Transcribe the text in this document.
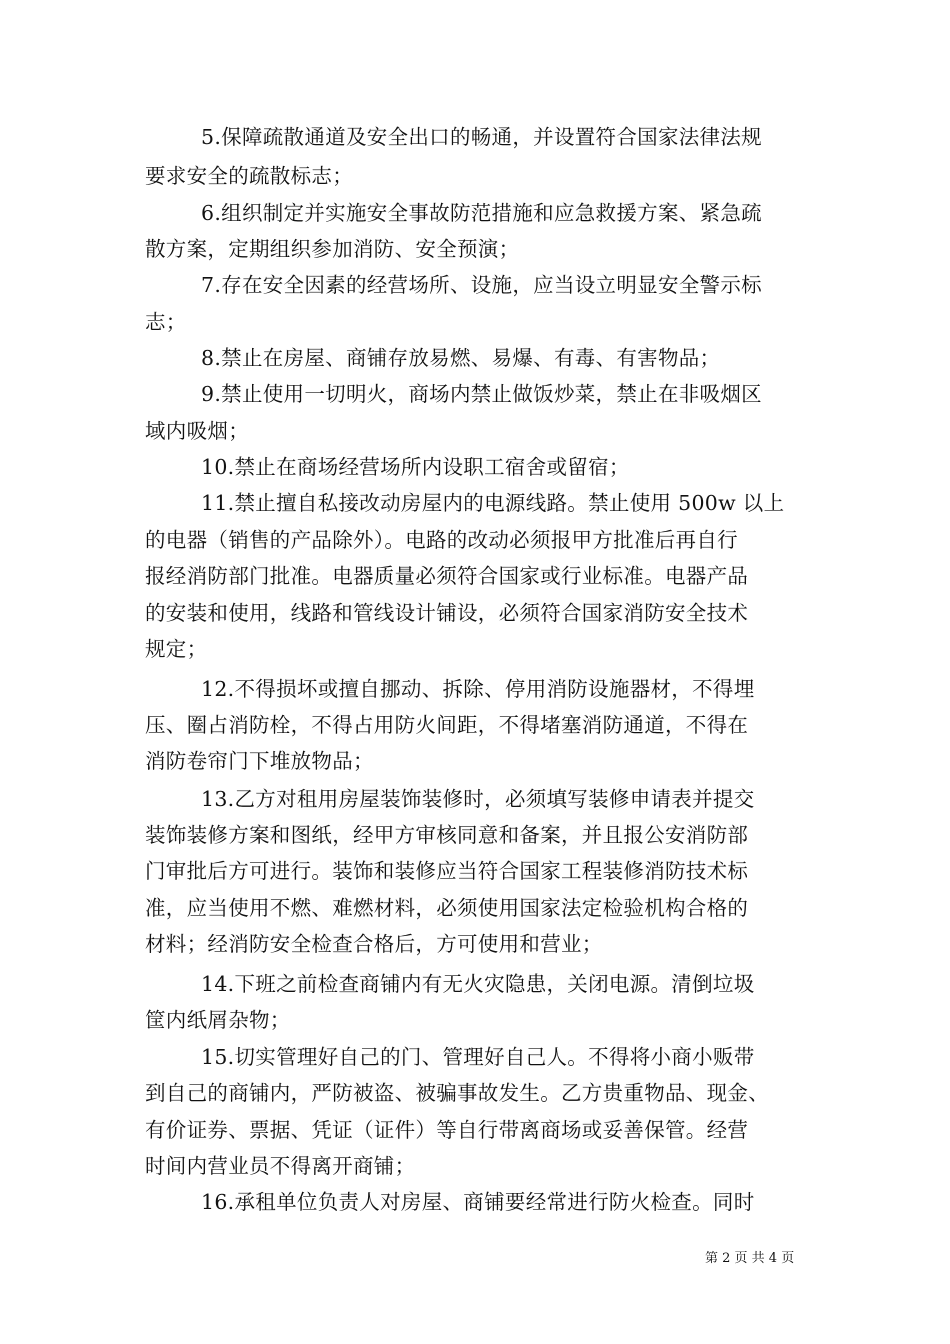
5.保障疏散通道及安全出口的畅通，并设置符合国家法律法规
要求安全的疏散标志；
6.组织制定并实施安全事故防范措施和应急救援方案、紧急疏
散方案，定期组织参加消防、安全预演；
7.存在安全因素的经营场所、设施，应当设立明显安全警示标
志；
8.禁止在房屋、商铺存放易燃、易爆、有毒、有害物品；
9.禁止使用一切明火，商场内禁止做饭炒菜，禁止在非吸烟区
域内吸烟；
10.禁止在商场经营场所内设职工宿舍或留宿；
11.禁止擅自私接改动房屋内的电源线路。禁止使用 500w 以上
的电器（销售的产品除外）。电路的改动必须报甲方批准后再自行
报经消防部门批准。电器质量必须符合国家或行业标准。电器产品
的安装和使用，线路和管线设计铺设，必须符合国家消防安全技术
规定；
12.不得损坏或擅自挪动、拆除、停用消防设施器材，不得埋
压、圈占消防栓，不得占用防火间距，不得堵塞消防通道，不得在
消防卷帘门下堆放物品；
13.乙方对租用房屋装饰装修时，必须填写装修申请表并提交
装饰装修方案和图纸，经甲方审核同意和备案，并且报公安消防部
门审批后方可进行。装饰和装修应当符合国家工程装修消防技术标
准，应当使用不燃、难燃材料，必须使用国家法定检验机构合格的
材料；经消防安全检查合格后，方可使用和营业；
14.下班之前检查商铺内有无火灾隐患，关闭电源。清倒垃圾
筐内纸屑杂物；
15.切实管理好自己的门、管理好自己人。不得将小商小贩带
到自己的商铺内，严防被盗、被骗事故发生。乙方贵重物品、现金、
有价证券、票据、凭证（证件）等自行带离商场或妥善保管。经营
时间内营业员不得离开商铺；
16.承租单位负责人对房屋、商铺要经常进行防火检查。同时
第 2 页 共 4 页
